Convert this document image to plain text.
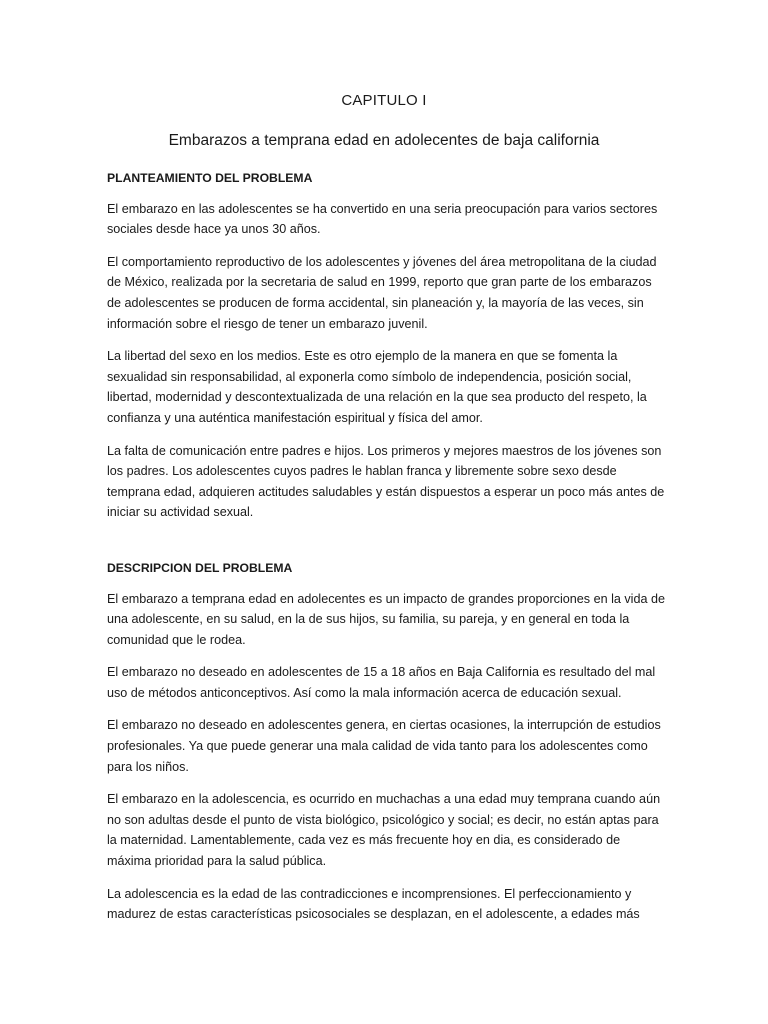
CAPITULO I
Embarazos a temprana edad en adolecentes de baja california
PLANTEAMIENTO DEL PROBLEMA

El embarazo en las adolescentes se ha convertido en una seria preocupación para varios sectores sociales desde hace ya unos 30 años.

El comportamiento reproductivo de los adolescentes y jóvenes del área metropolitana de la ciudad de México, realizada por la secretaria de salud en 1999, reporto que gran parte de los embarazos de adolescentes se producen de forma accidental, sin planeación y, la mayoría de las veces, sin información sobre el riesgo de tener un embarazo juvenil.

La libertad del sexo en los medios. Este es otro ejemplo de la manera en que se fomenta la sexualidad sin responsabilidad, al exponerla como símbolo de independencia, posición social, libertad, modernidad y descontextualizada de una relación en la que sea producto del respeto, la confianza y una auténtica manifestación espiritual y física del amor.

La falta de comunicación entre padres e hijos. Los primeros y mejores maestros de los jóvenes son los padres. Los adolescentes cuyos padres le hablan franca y libremente sobre sexo desde temprana edad, adquieren actitudes saludables y están dispuestos a esperar un poco más antes de iniciar su actividad sexual.

DESCRIPCION DEL PROBLEMA

El embarazo a temprana edad en adolecentes es un impacto de grandes proporciones en la vida de una adolescente, en su salud, en la de sus hijos, su familia, su pareja, y en general en toda la comunidad que le rodea.

El embarazo no deseado en adolescentes de 15 a 18 años en Baja California es resultado del mal uso de métodos anticonceptivos. Así como la mala información acerca de educación sexual.

El embarazo no deseado en adolescentes genera, en ciertas ocasiones, la interrupción de estudios profesionales. Ya que puede generar una mala calidad de vida tanto para los adolescentes como para los niños.

El embarazo en la adolescencia, es ocurrido en muchachas a una edad muy temprana cuando aún no son adultas desde el punto de vista biológico, psicológico y social; es decir, no están aptas para la maternidad. Lamentablemente, cada vez es más frecuente hoy en dia, es considerado de máxima prioridad para la salud pública.

La adolescencia es la edad de las contradicciones e incomprensiones. El perfeccionamiento y madurez de estas características psicosociales se desplazan, en el adolescente, a edades más
